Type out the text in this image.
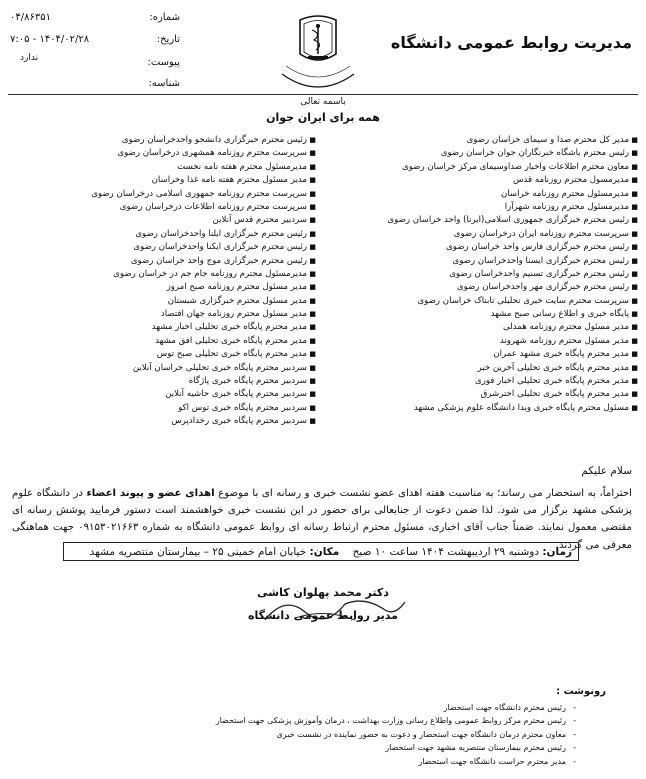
مدیریت روابط عمومی دانشگاه
شماره:
۰۴/۸۶۳۵۱
تاریخ:
۷:۰۵ - ۱۴۰۴/۰۲/۲۸
پیوست:
ندارد
شناسه:
باسمه تعالی
همه برای ایران جوان
■
مدیر کل محترم صدا و سیمای خراسان رضوی
■
رئیس محترم باشگاه خبرنگاران جوان خراسان رضوی
■
معاون محترم اطلاعات واخبار صداوسیمای مرکز خراسان رضوی
■
مدیرمسول محترم روزنامه قدس
■
مدیرمسئول محترم روزنامه خراسان
■
مدیرمسئول محترم روزنامه شهرآرا
■
رئیس محترم خبرگزاری جمهوری اسلامی(ایرنا) واحد خراسان رضوی
■
سرپرست محترم روزنامه ایران درخراسان رضوی
■
رئیس محترم خبرگزاری فارس واحد خراسان رضوی
■
رئیس محترم خبرگزاری ایسنا واحدخراسان رضوی
■
رئیس محترم خبرگزاری تسنیم واحدخراسان رضوی
■
رئیس محترم خبرگزاری مهر واحدخراسان رضوی
■
سرپرست محترم سایت خبری تحلیلی تابناک خراسان رضوی
■
پایگاه خبری و اطلاع رسانی صبح مشهد
■
مدیر مسئول محترم روزنامه همدلی
■
مدیر مسئول محترم روزنامه شهروند
■
مدیر محترم پایگاه خبری مشهد عمران
■
مدیر محترم پایگاه خبری تحلیلی آخرین خبر
■
مدیر محترم پایگاه خبری تحلیلی اخبار فوری
■
مدیر محترم پایگاه خبری تحلیلی اخترشرق
■
مسئول محترم پایگاه خبری وبدا دانشگاه علوم پزشکی مشهد
■
رئیس محترم خبرگزاری دانشجو واحدخراسان رضوی
■
سرپرست محترم روزنامه همشهری درخراسان رضوی
■
مدیرمسئول محترم هفته نامه نخست
■
مدیر مسئول محترم هفته نامه غذا وخراسان
■
سرپرست محترم روزنامه جمهوری اسلامی درخراسان رضوی
■
سرپرست محترم روزنامه اطلاعات درخراسان رضوی
■
سردبیر محترم قدس آنلاین
■
رئیس محترم خبرگزاری ایلنا واحدخراسان رضوی
■
رئیس محترم خبرگزاری ایکنا واحدخراسان رضوی
■
رئیس محترم خبرگزاری موج واحد خراسان رضوی
■
مدیرمسئول محترم روزنامه جام جم در خراسان رضوی
■
مدیر مسئول محترم روزنامه صبح امروز
■
مدیر مسئول محترم خبرگزاری شبستان
■
مدیر مسئول محترم روزنامه جهان اقتصاد
■
مدیر محترم پایگاه خبری تحلیلی اخبار مشهد
■
مدیر محترم پایگاه خبری تحلیلی افق مشهد
■
مدیر محترم پایگاه خبری تحلیلی صبح توس
■
سردبیر محترم پایگاه خبری تحلیلی خراسان آنلاین
■
سردبیر محترم پایگاه خبری پاژگاه
■
سردبیر محترم پایگاه خبری حاشیه آنلاین
■
سردبیر محترم پایگاه خبری توس اکو
■
سردبیر محترم پایگاه خبری رخدادپرس
سلام علیکم
احتراماً، به استحضار می رساند؛ به مناسبت هفته اهدای عضو نشست خبری و رسانه ای با موضوع اهدای عضو و پیوند اعضاء در دانشگاه علوم پزشکی مشهد برگزار می شود. لذا ضمن دعوت از جنابعالی برای حضور در این نشست خبری خواهشمند است دستور فرمایید پوشش رسانه ای مقتضی معمول نمایند. ضمناً جناب آقای اخباری، مسئول محترم ارتباط رسانه ای روابط عمومی دانشگاه به شماره ۰۹۱۵۳۰۲۱۶۶۳ جهت هماهنگی معرفی می گردند.
زمان: دوشنبه ۲۹ اردیبهشت ۱۴۰۴ ساعت ۱۰ صبح    مکان: خیابان امام خمینی ۲۵ – بیمارستان منتصریه مشهد
دکتر محمد پهلوان کاشی
مدیر روابط عمومی دانشگاه
رونوشت :
-
رئیس محترم دانشگاه جهت استحضار
-
رئیس محترم مرکز روابط عمومی واطلاع رسانی وزارت بهداشت ، درمان وآموزش پزشکی جهت استحضار
-
معاون محترم درمان دانشگاه جهت استحضار و دعوت به حضور نماینده در نشست خبری
-
رئیس محترم بیمارستان منتصریه مشهد جهت استحضار
-
مدیر محترم حراست دانشگاه جهت استحضار
